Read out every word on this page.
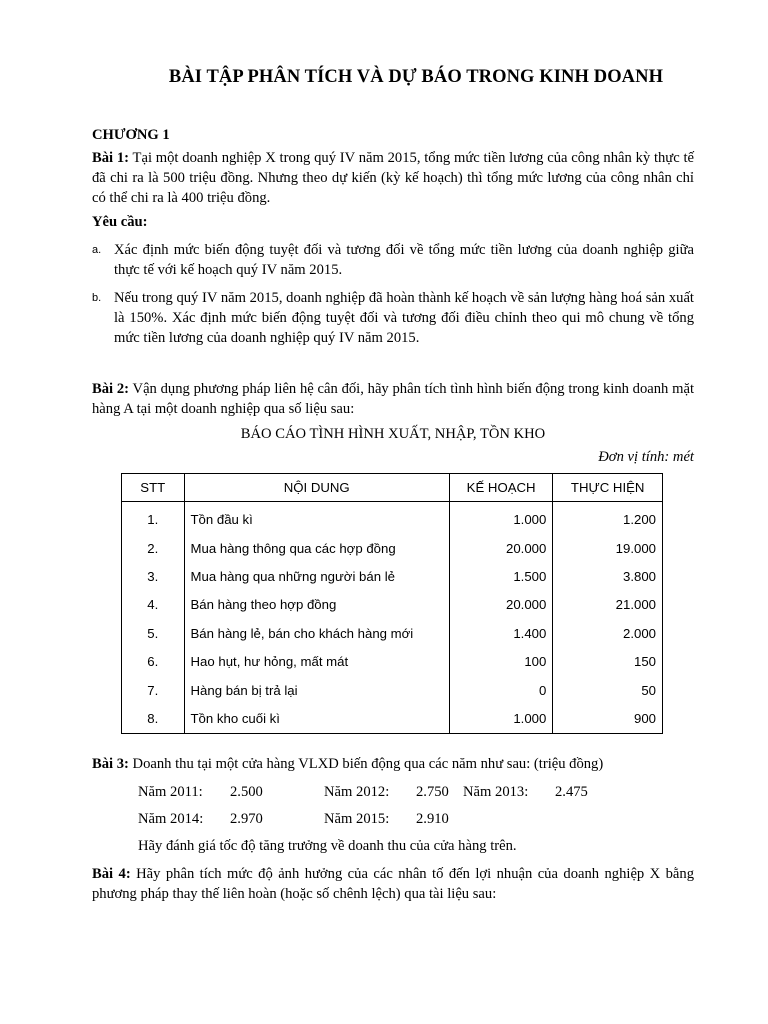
BÀI TẬP PHÂN TÍCH VÀ DỰ BÁO TRONG KINH DOANH
CHƯƠNG 1
Bài 1: Tại một doanh nghiệp X trong quý IV năm 2015, tổng mức tiền lương của công nhân kỳ thực tế đã chi ra là 500 triệu đồng. Nhưng theo dự kiến (kỳ kế hoạch) thì tổng mức lương của công nhân chỉ có thể chi ra là 400 triệu đồng.
Yêu cầu:
a. Xác định mức biến động tuyệt đối và tương đối về tổng mức tiền lương của doanh nghiệp giữa thực tế với kế hoạch quý IV năm 2015.
b. Nếu trong quý IV năm 2015, doanh nghiệp đã hoàn thành kế hoạch về sản lượng hàng hoá sản xuất là 150%. Xác định mức biến động tuyệt đối và tương đối điều chỉnh theo qui mô chung về tổng mức tiền lương của doanh nghiệp quý IV năm 2015.
Bài 2: Vận dụng phương pháp liên hệ cân đối, hãy phân tích tình hình biến động trong kinh doanh mặt hàng A tại một doanh nghiệp qua số liệu sau:
BÁO CÁO TÌNH HÌNH XUẤT, NHẬP, TỒN KHO
Đơn vị tính: mét
STT	NỘI DUNG	KẾ HOẠCH	THỰC HIỆN
1.	Tồn đầu kì	1.000	1.200
2.	Mua hàng thông qua các hợp đồng	20.000	19.000
3.	Mua hàng qua những người bán lẻ	1.500	3.800
4.	Bán hàng theo hợp đồng	20.000	21.000
5.	Bán hàng lẻ, bán cho khách hàng mới	1.400	2.000
6.	Hao hụt, hư hỏng, mất mát	100	150
7.	Hàng bán bị trả lại	0	50
8.	Tồn kho cuối kì	1.000	900
Bài 3: Doanh thu tại một cửa hàng VLXD biến động qua các năm như sau: (triệu đồng)
Năm 2011: 2.500	Năm 2012: 2.750 Năm 2013: 2.475
Năm 2014: 2.970	Năm 2015: 2.910
Hãy đánh giá tốc độ tăng trưởng về doanh thu của cửa hàng trên.
Bài 4: Hãy phân tích mức độ ảnh hưởng của các nhân tố đến lợi nhuận của doanh nghiệp X bằng phương pháp thay thế liên hoàn (hoặc số chênh lệch) qua tài liệu sau:
